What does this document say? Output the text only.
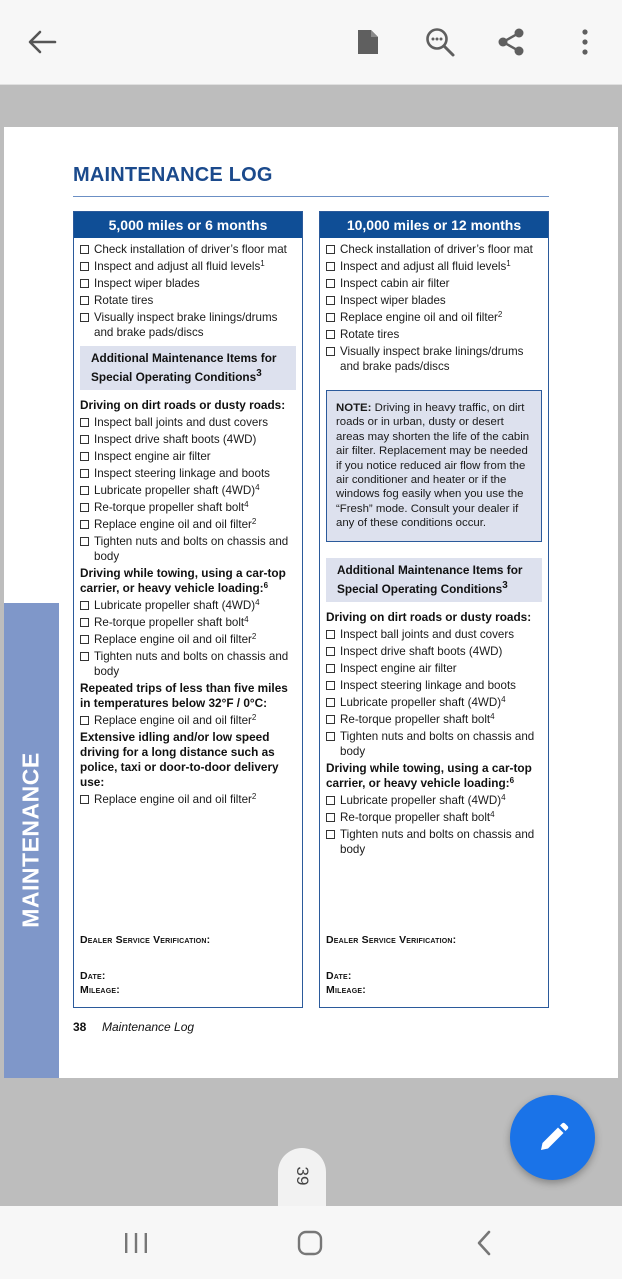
MAINTENANCE
MAINTENANCE LOG
5,000 miles or 6 months
Check installation of driver’s floor mat
Inspect and adjust all fluid levels$^1$
Inspect wiper blades
Rotate tires
Visually inspect brake linings/drums and brake pads/discs
Additional Maintenance Items for Special Operating Conditions$^3$
Driving on dirt roads or dusty roads:
Inspect ball joints and dust covers
Inspect drive shaft boots (4WD)
Inspect engine air filter
Inspect steering linkage and boots
Lubricate propeller shaft $(4WD)^4$
Re-torque propeller shaft bolt$^4$
Replace engine oil and oil filter$^2$
Tighten nuts and bolts on chassis and body
Driving while towing, using a car-top carrier, or heavy vehicle loading:$^6$
Lubricate propeller shaft $(4WD)^4$
Re-torque propeller shaft bolt$^4$
Replace engine oil and oil filter$^2$
Tighten nuts and bolts on chassis and body
Repeated trips of less than five miles in temperatures below 32°F / 0°C:
Replace engine oil and oil filter$^2$
Extensive idling and/or low speed driving for a long distance such as police, taxi or door-to-door delivery use:
Replace engine oil and oil filter$^2$
Dealer Service Verification:
Date:
Mileage:
10,000 miles or 12 months
Check installation of driver’s floor mat
Inspect and adjust all fluid levels$^1$
Inspect cabin air filter
Inspect wiper blades
Replace engine oil and oil filter$^2$
Rotate tires
Visually inspect brake linings/drums and brake pads/discs
NOTE: Driving in heavy traffic, on dirt roads or in urban, dusty or desert areas may shorten the life of the cabin air filter. Replacement may be needed if you notice reduced air flow from the air conditioner and heater or if the windows fog easily when you use the “Fresh” mode. Consult your dealer if any of these conditions occur.
Additional Maintenance Items for Special Operating Conditions$^3$
Driving on dirt roads or dusty roads:
Inspect ball joints and dust covers
Inspect drive shaft boots (4WD)
Inspect engine air filter
Inspect steering linkage and boots
Lubricate propeller shaft $(4WD)^4$
Re-torque propeller shaft bolt$^4$
Tighten nuts and bolts on chassis and body
Driving while towing, using a car-top carrier, or heavy vehicle loading:$^6$
Lubricate propeller shaft $(4WD)^4$
Re-torque propeller shaft bolt$^4$
Tighten nuts and bolts on chassis and body
Dealer Service Verification:
Date:
Mileage:
38 Maintenance Log
39
